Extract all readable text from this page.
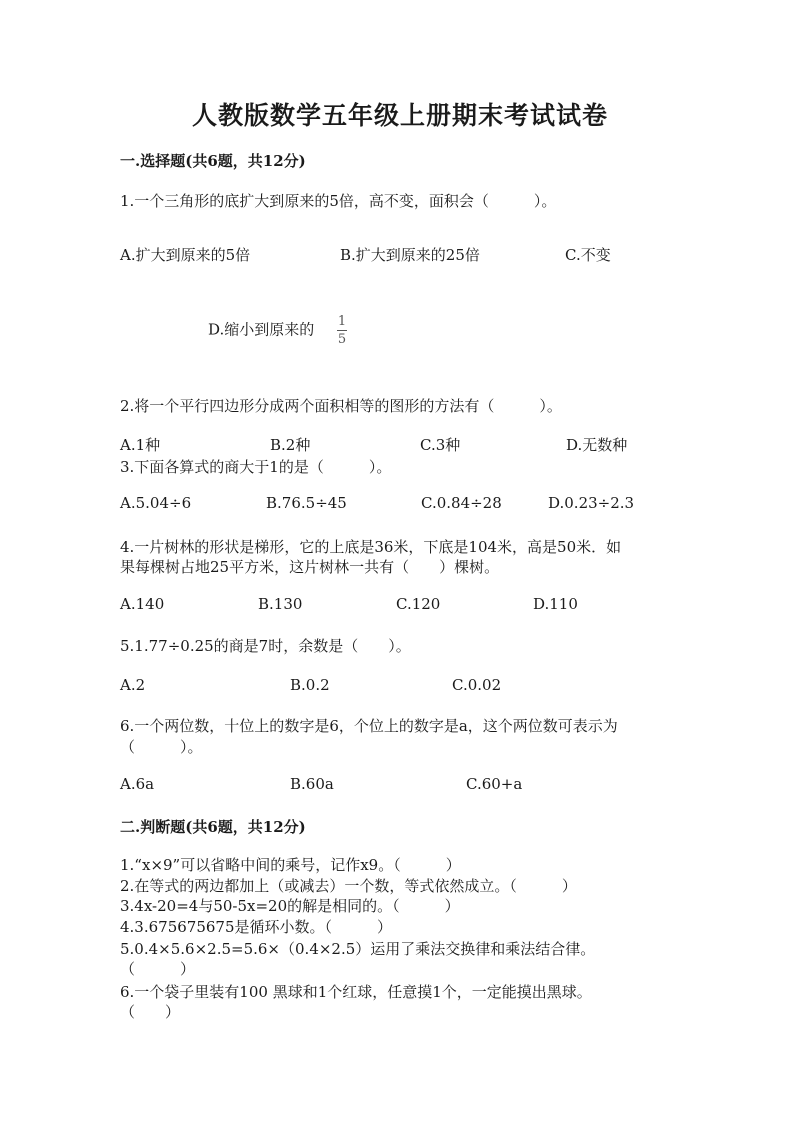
人教版数学五年级上册期末考试试卷
一.选择题(共6题，共12分)
1.一个三角形的底扩大到原来的5倍，高不变，面积会（　　　）。
A.扩大到原来的5倍	B.扩大到原来的25倍	C.不变
D.缩小到原来的 $\frac{1}{5}$
2.将一个平行四边形分成两个面积相等的图形的方法有（　　　）。
A.1种	B.2种	C.3种	D.无数种
3.下面各算式的商大于1的是（　　　）。
A.5.04÷6	B.76.5÷45	C.0.84÷28	D.0.23÷2.3
4.一片树林的形状是梯形，它的上底是36米，下底是104米，高是50米．如
果每棵树占地25平方米，这片树林一共有（　　）棵树。
A.140	B.130	C.120	D.110
5.1.77÷0.25的商是7时，余数是（　　）。
A.2	B.0.2	C.0.02
6.一个两位数，十位上的数字是6，个位上的数字是a，这个两位数可表示为
（　　　）。
A.6a	B.60a	C.60+a
二.判断题(共6题，共12分)
1.“x×9”可以省略中间的乘号，记作x9。（　　　）
2.在等式的两边都加上（或减去）一个数，等式依然成立。（　　　）
3.4x-20=4与50-5x=20的解是相同的。（　　　）
4.3.675675675是循环小数。（　　　）
5.0.4×5.6×2.5=5.6×（0.4×2.5）运用了乘法交换律和乘法结合律。
（　　　）
6.一个袋子里装有100 黑球和1个红球，任意摸1个，一定能摸出黑球。
（　　）
